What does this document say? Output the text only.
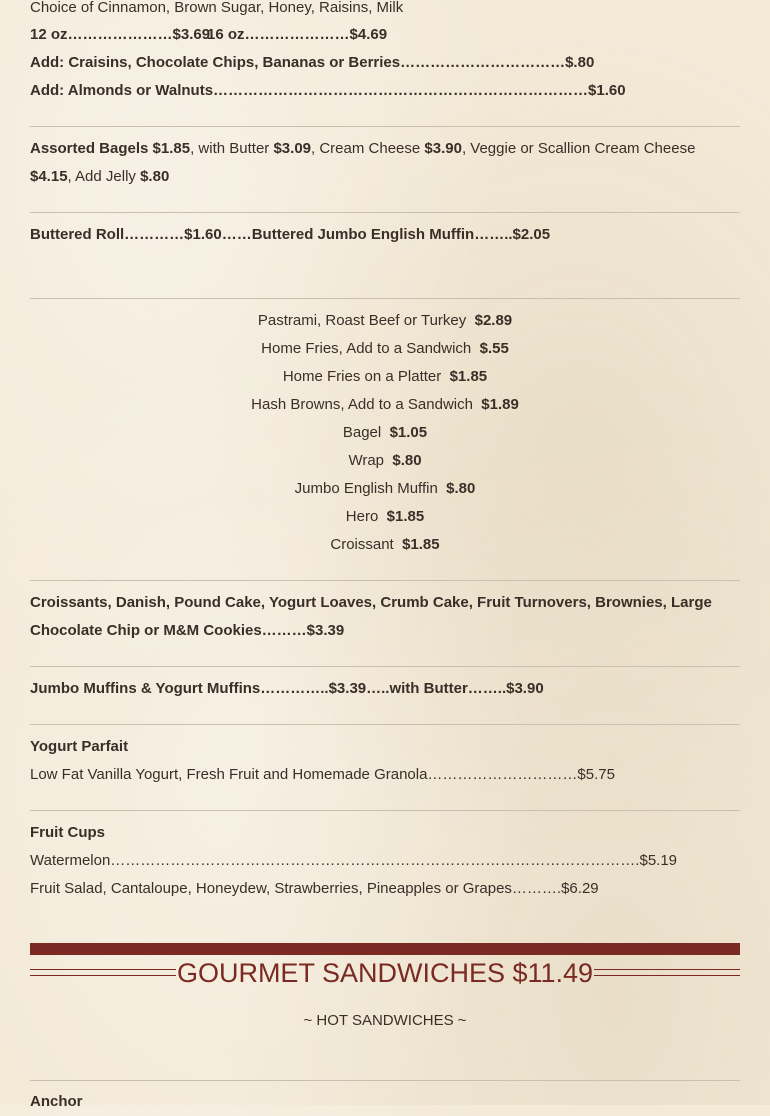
Choice of Cinnamon, Brown Sugar, Honey, Raisins, Milk
12 oz…………………$3.69
16 oz…………………$4.69
Add: Craisins, Chocolate Chips, Bananas or Berries……………………………$.80
Add: Almonds or Walnuts…………………………………………………………………$1.60
Assorted Bagels $1.85, with Butter $3.09, Cream Cheese $3.90, Veggie or Scallion Cream Cheese $4.15, Add Jelly $.80
Buttered Roll…………$1.60……Buttered Jumbo English Muffin……..$2.05
Pastrami, Roast Beef or Turkey $2.89
Home Fries, Add to a Sandwich $.55
Home Fries on a Platter $1.85
Hash Browns, Add to a Sandwich $1.89
Bagel $1.05
Wrap $.80
Jumbo English Muffin $.80
Hero $1.85
Croissant $1.85
Croissants, Danish, Pound Cake, Yogurt Loaves, Crumb Cake, Fruit Turnovers, Brownies, Large Chocolate Chip or M&M Cookies………$3.39
Jumbo Muffins & Yogurt Muffins…………..$3.39…..with Butter……..$3.90
Yogurt Parfait
Low Fat Vanilla Yogurt, Fresh Fruit and Homemade Granola…………………………$5.75
Fruit Cups
Watermelon…………………………………………………………………………………………….$5.19
Fruit Salad, Cantaloupe, Honeydew, Strawberries, Pineapples or Grapes……….$6.29
GOURMET SANDWICHES $11.49
~ HOT SANDWICHES ~
Anchor
